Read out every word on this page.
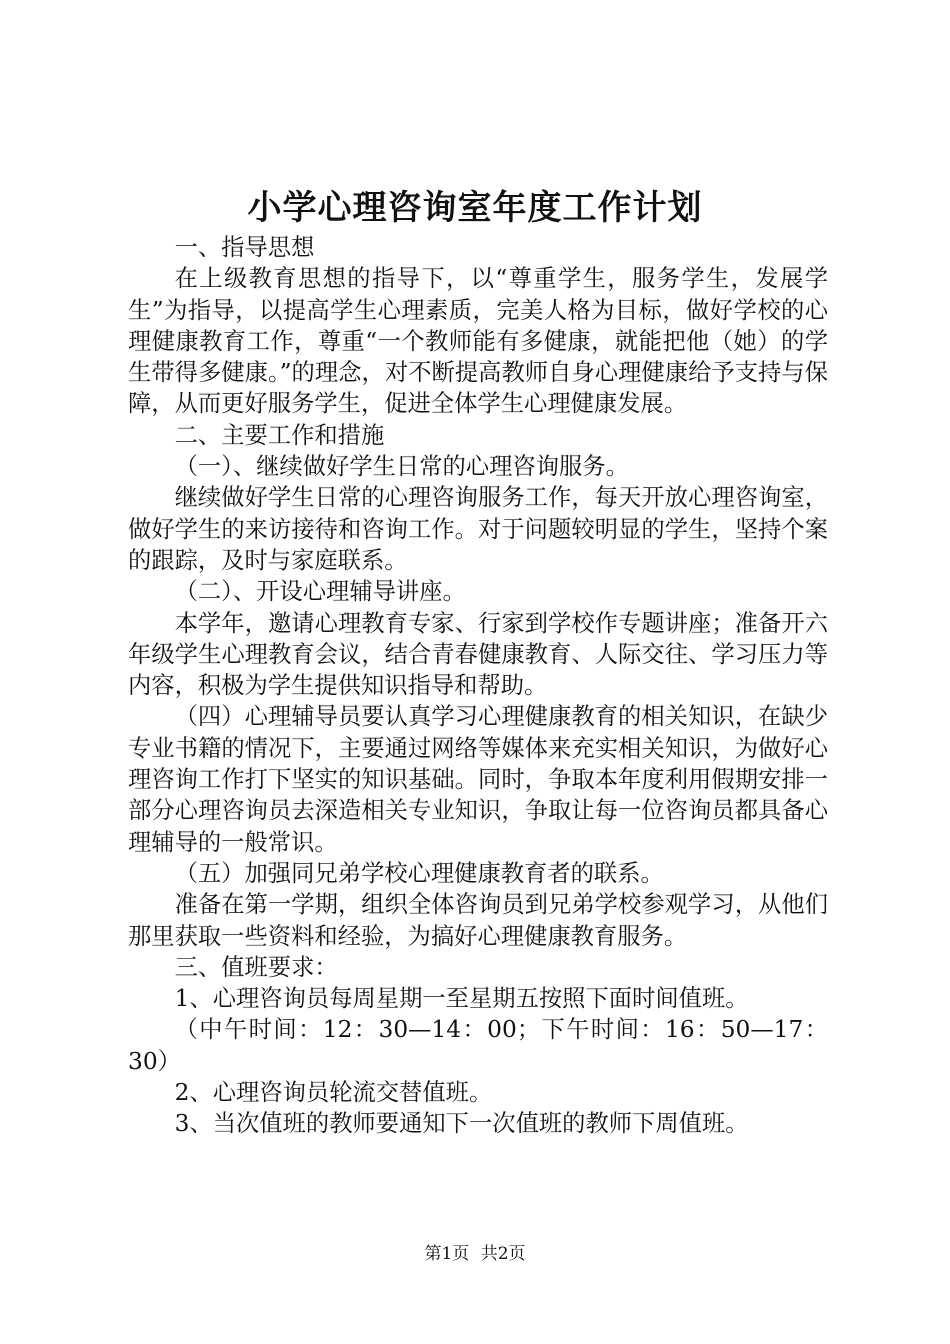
小学心理咨询室年度工作计划

一、指导思想

在上级教育思想的指导下，以“尊重学生，服务学生，发展学生”为指导，以提高学生心理素质，完美人格为目标，做好学校的心理健康教育工作，尊重“一个教师能有多健康，就能把他（她）的学生带得多健康。”的理念，对不断提高教师自身心理健康给予支持与保障，从而更好服务学生，促进全体学生心理健康发展。

二、主要工作和措施

（一）、继续做好学生日常的心理咨询服务。

继续做好学生日常的心理咨询服务工作，每天开放心理咨询室，做好学生的来访接待和咨询工作。对于问题较明显的学生，坚持个案的跟踪，及时与家庭联系。

（二）、开设心理辅导讲座。

本学年，邀请心理教育专家、行家到学校作专题讲座；准备开六年级学生心理教育会议，结合青春健康教育、人际交往、学习压力等内容，积极为学生提供知识指导和帮助。

（四）心理辅导员要认真学习心理健康教育的相关知识，在缺少专业书籍的情况下，主要通过网络等媒体来充实相关知识，为做好心理咨询工作打下坚实的知识基础。同时，争取本年度利用假期安排一部分心理咨询员去深造相关专业知识，争取让每一位咨询员都具备心理辅导的一般常识。

（五）加强同兄弟学校心理健康教育者的联系。

准备在第一学期，组织全体咨询员到兄弟学校参观学习，从他们那里获取一些资料和经验，为搞好心理健康教育服务。

三、值班要求：

1、心理咨询员每周星期一至星期五按照下面时间值班。

（中午时间：12：30—14：00；下午时间：16：50—17：30）

2、心理咨询员轮流交替值班。

3、当次值班的教师要通知下一次值班的教师下周值班。

第1页 共2页
